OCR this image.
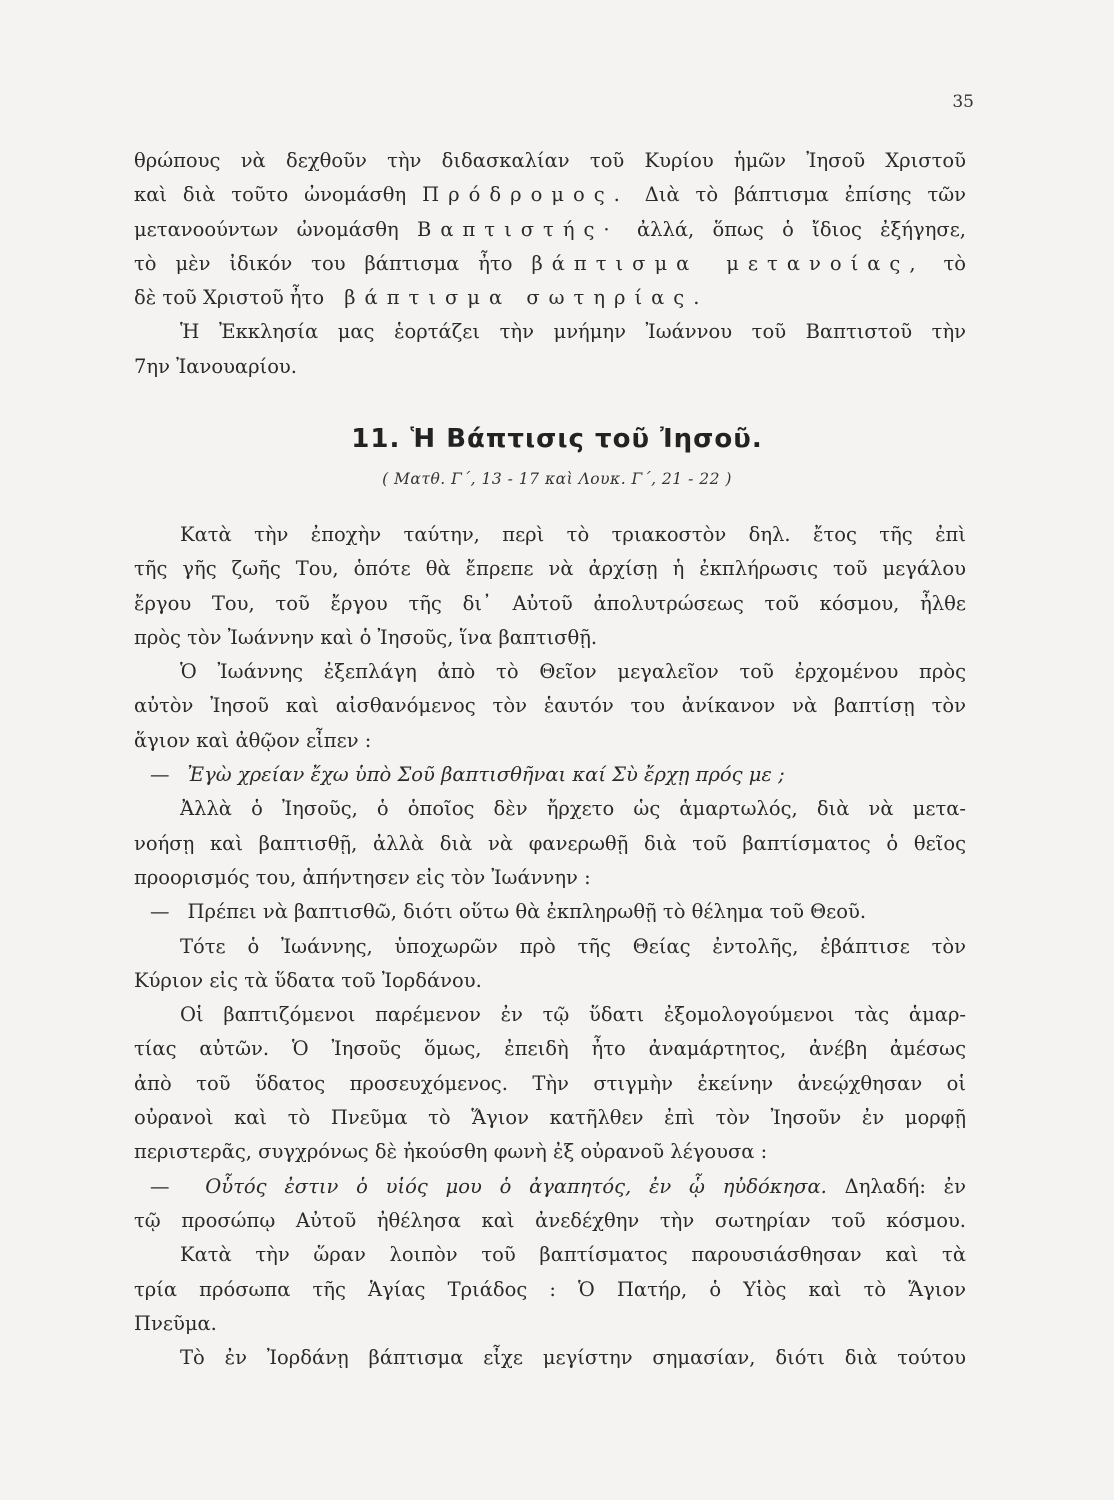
35
θρώπους νὰ δεχθοῦν τὴν διδασκαλίαν τοῦ Κυρίου ἡμῶν Ἰησοῦ Χριστοῦ
καὶ διὰ τοῦτο ὠνομάσθη Πρόδρομος. Διὰ τὸ βάπτισμα ἐπίσης τῶν
μετανοούντων ὠνομάσθη Βαπτιστής· ἀλλά, ὅπως ὁ ἴδιος ἐξήγησε,
τὸ μὲν ἰδικόν του βάπτισμα ἦτο βάπτισμα μετανοίας, τὸ
δὲ τοῦ Χριστοῦ ἦτο βάπτισμα σωτηρίας.
Ἡ Ἐκκλησία μας ἑορτάζει τὴν μνήμην Ἰωάννου τοῦ Βαπτιστοῦ τὴν
7ην Ἰανουαρίου.
11. Ἡ Βάπτισις τοῦ Ἰησοῦ.
( Ματθ. Γ΄, 13 - 17 καὶ Λουκ. Γ΄, 21 - 22 )
Κατὰ τὴν ἐποχὴν ταύτην, περὶ τὸ τριακοστὸν δηλ. ἔτος τῆς ἐπὶ
τῆς γῆς ζωῆς Του, ὁπότε θὰ ἔπρεπε νὰ ἀρχίσῃ ἡ ἐκπλήρωσις τοῦ μεγάλου
ἔργου Του, τοῦ ἔργου τῆς δι᾽ Αὐτοῦ ἀπολυτρώσεως τοῦ κόσμου, ἦλθε
πρὸς τὸν Ἰωάννην καὶ ὁ Ἰησοῦς, ἵνα βαπτισθῇ.
Ὁ Ἰωάννης ἐξεπλάγη ἀπὸ τὸ Θεῖον μεγαλεῖον τοῦ ἐρχομένου πρὸς
αὐτὸν Ἰησοῦ καὶ αἰσθανόμενος τὸν ἑαυτόν του ἀνίκανον νὰ βαπτίσῃ τὸν
ἅγιον καὶ ἀθῷον εἶπεν :
— Ἐγὼ χρείαν ἔχω ὑπὸ Σοῦ βαπτισθῆναι καί Σὺ ἔρχῃ πρός με ;
Ἀλλὰ ὁ Ἰησοῦς, ὁ ὁποῖος δὲν ἤρχετο ὡς ἁμαρτωλός, διὰ νὰ μετα-
νοήσῃ καὶ βαπτισθῇ, ἀλλὰ διὰ νὰ φανερωθῇ διὰ τοῦ βαπτίσματος ὁ θεῖος
προορισμός του, ἀπήντησεν εἰς τὸν Ἰωάννην :
— Πρέπει νὰ βαπτισθῶ, διότι οὕτω θὰ ἐκπληρωθῇ τὸ θέλημα τοῦ Θεοῦ.
Τότε ὁ Ἰωάννης, ὑποχωρῶν πρὸ τῆς Θείας ἐντολῆς, ἐβάπτισε τὸν
Κύριον εἰς τὰ ὕδατα τοῦ Ἰορδάνου.
Οἱ βαπτιζόμενοι παρέμενον ἐν τῷ ὕδατι ἐξομολογούμενοι τὰς ἁμαρ-
τίας αὐτῶν. Ὁ Ἰησοῦς ὅμως, ἐπειδὴ ἦτο ἀναμάρτητος, ἀνέβη ἀμέσως
ἀπὸ τοῦ ὕδατος προσευχόμενος. Τὴν στιγμὴν ἐκείνην ἀνεῴχθησαν οἱ
οὐρανοὶ καὶ τὸ Πνεῦμα τὸ Ἅγιον κατῆλθεν ἐπὶ τὸν Ἰησοῦν ἐν μορφῇ
περιστερᾶς, συγχρόνως δὲ ἠκούσθη φωνὴ ἐξ οὐρανοῦ λέγουσα :
— Οὗτός ἐστιν ὁ υἱός μου ὁ ἀγαπητός, ἐν ᾧ ηὐδόκησα. Δηλαδή: ἐν
τῷ προσώπῳ Αὐτοῦ ἠθέλησα καὶ ἀνεδέχθην τὴν σωτηρίαν τοῦ κόσμου.
Κατὰ τὴν ὥραν λοιπὸν τοῦ βαπτίσματος παρουσιάσθησαν καὶ τὰ
τρία πρόσωπα τῆς Ἁγίας Τριάδος : Ὁ Πατήρ, ὁ Υἱὸς καὶ τὸ Ἅγιον
Πνεῦμα.
Τὸ ἐν Ἰορδάνῃ βάπτισμα εἶχε μεγίστην σημασίαν, διότι διὰ τούτου
